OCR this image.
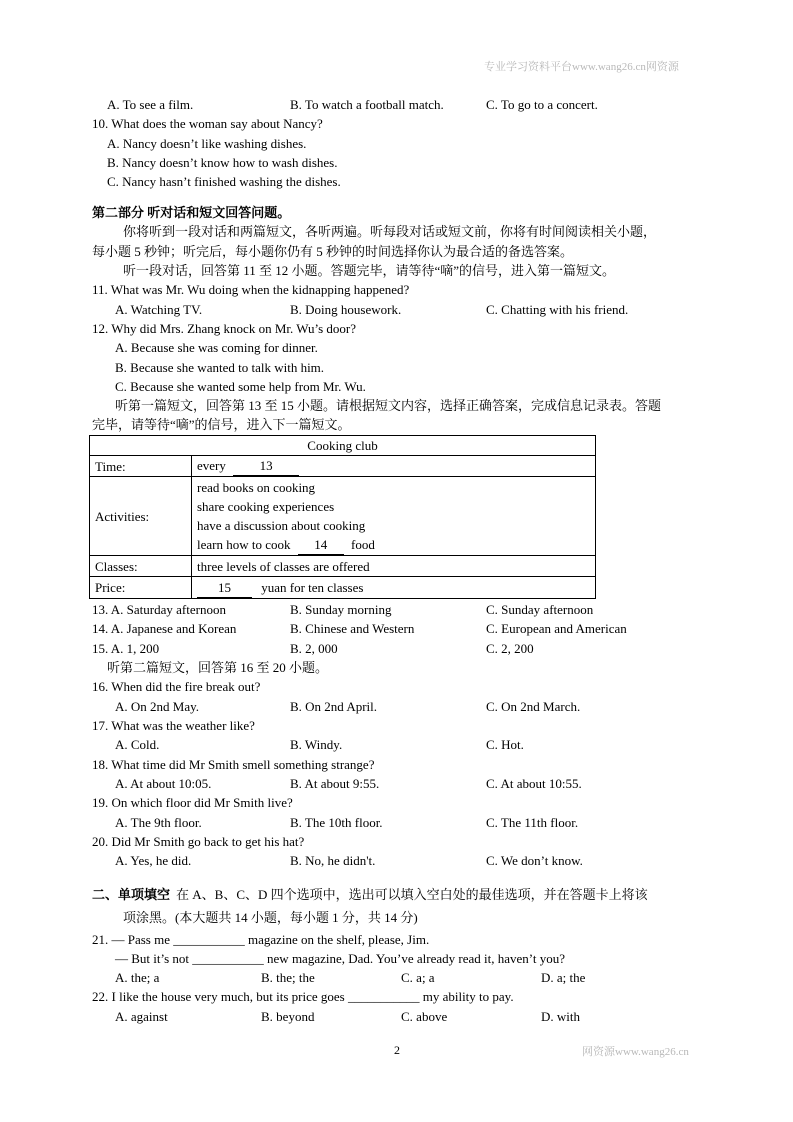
专业学习资料平台www.wang26.cn网资源
A. To see a film.	B. To watch a football match.	C. To go to a concert.
10. What does the woman say about Nancy?
A. Nancy doesn’t like washing dishes.
B. Nancy doesn’t know how to wash dishes.
C. Nancy hasn’t finished washing the dishes.
第二部分 听对话和短文回答问题。
你将听到一段对话和两篇短文，各听两遍。听每段对话或短文前，你将有时间阅读相关小题，
每小题 5 秒钟；听完后，每小题你仍有 5 秒钟的时间选择你认为最合适的备选答案。
听一段对话，回答第 11 至 12 小题。答题完毕，请等待“嘀”的信号，进入第一篇短文。
11. What was Mr. Wu doing when the kidnapping happened?
A. Watching TV.	B. Doing housework.	C. Chatting with his friend.
12. Why did Mrs. Zhang knock on Mr. Wu’s door?
A. Because she was coming for dinner.
B. Because she wanted to talk with him.
C. Because she wanted some help from Mr. Wu.
听第一篇短文，回答第 13 至 15 小题。请根据短文内容，选择正确答案，完成信息记录表。答题
完毕，请等待“嘀”的信号，进入下一篇短文。
Cooking club	
Time:	every 13
Activities:	read books on cooking
share cooking experiences
have a discussion about cooking
learn how to cook 14 food

Classes:	three levels of classes are offered
Price:	15 yuan for ten classes
13. A. Saturday afternoon	B. Sunday morning	C. Sunday afternoon
14. A. Japanese and Korean	B. Chinese and Western	C. European and American
15. A. 1, 200	B. 2, 000	C. 2, 200
听第二篇短文，回答第 16 至 20 小题。
16. When did the fire break out?
A. On 2nd May.	B. On 2nd April.	C. On 2nd March.
17. What was the weather like?
A. Cold.	B. Windy.	C. Hot.
18. What time did Mr Smith smell something strange?
A. At about 10:05.	B. At about 9:55.	C. At about 10:55.
19. On which floor did Mr Smith live?
A. The 9th floor.	B. The 10th floor.	C. The 11th floor.
20. Did Mr Smith go back to get his hat?
A. Yes, he did.	B. No, he didn't.	C. We don’t know.
二、单项填空 在 A、B、C、D 四个选项中，选出可以填入空白处的最佳选项，并在答题卡上将该
项涂黑。(本大题共 14 小题，每小题 1 分，共 14 分)
21. — Pass me ___________ magazine on the shelf, please, Jim.
— But it’s not ___________ new magazine, Dad. You’ve already read it, haven’t you?
A. the; a	B. the; the	C. a; a	D. a; the
22. I like the house very much, but its price goes ___________ my ability to pay.
A. against	B. beyond	C. above	D. with
2	网资源www.wang26.cn
